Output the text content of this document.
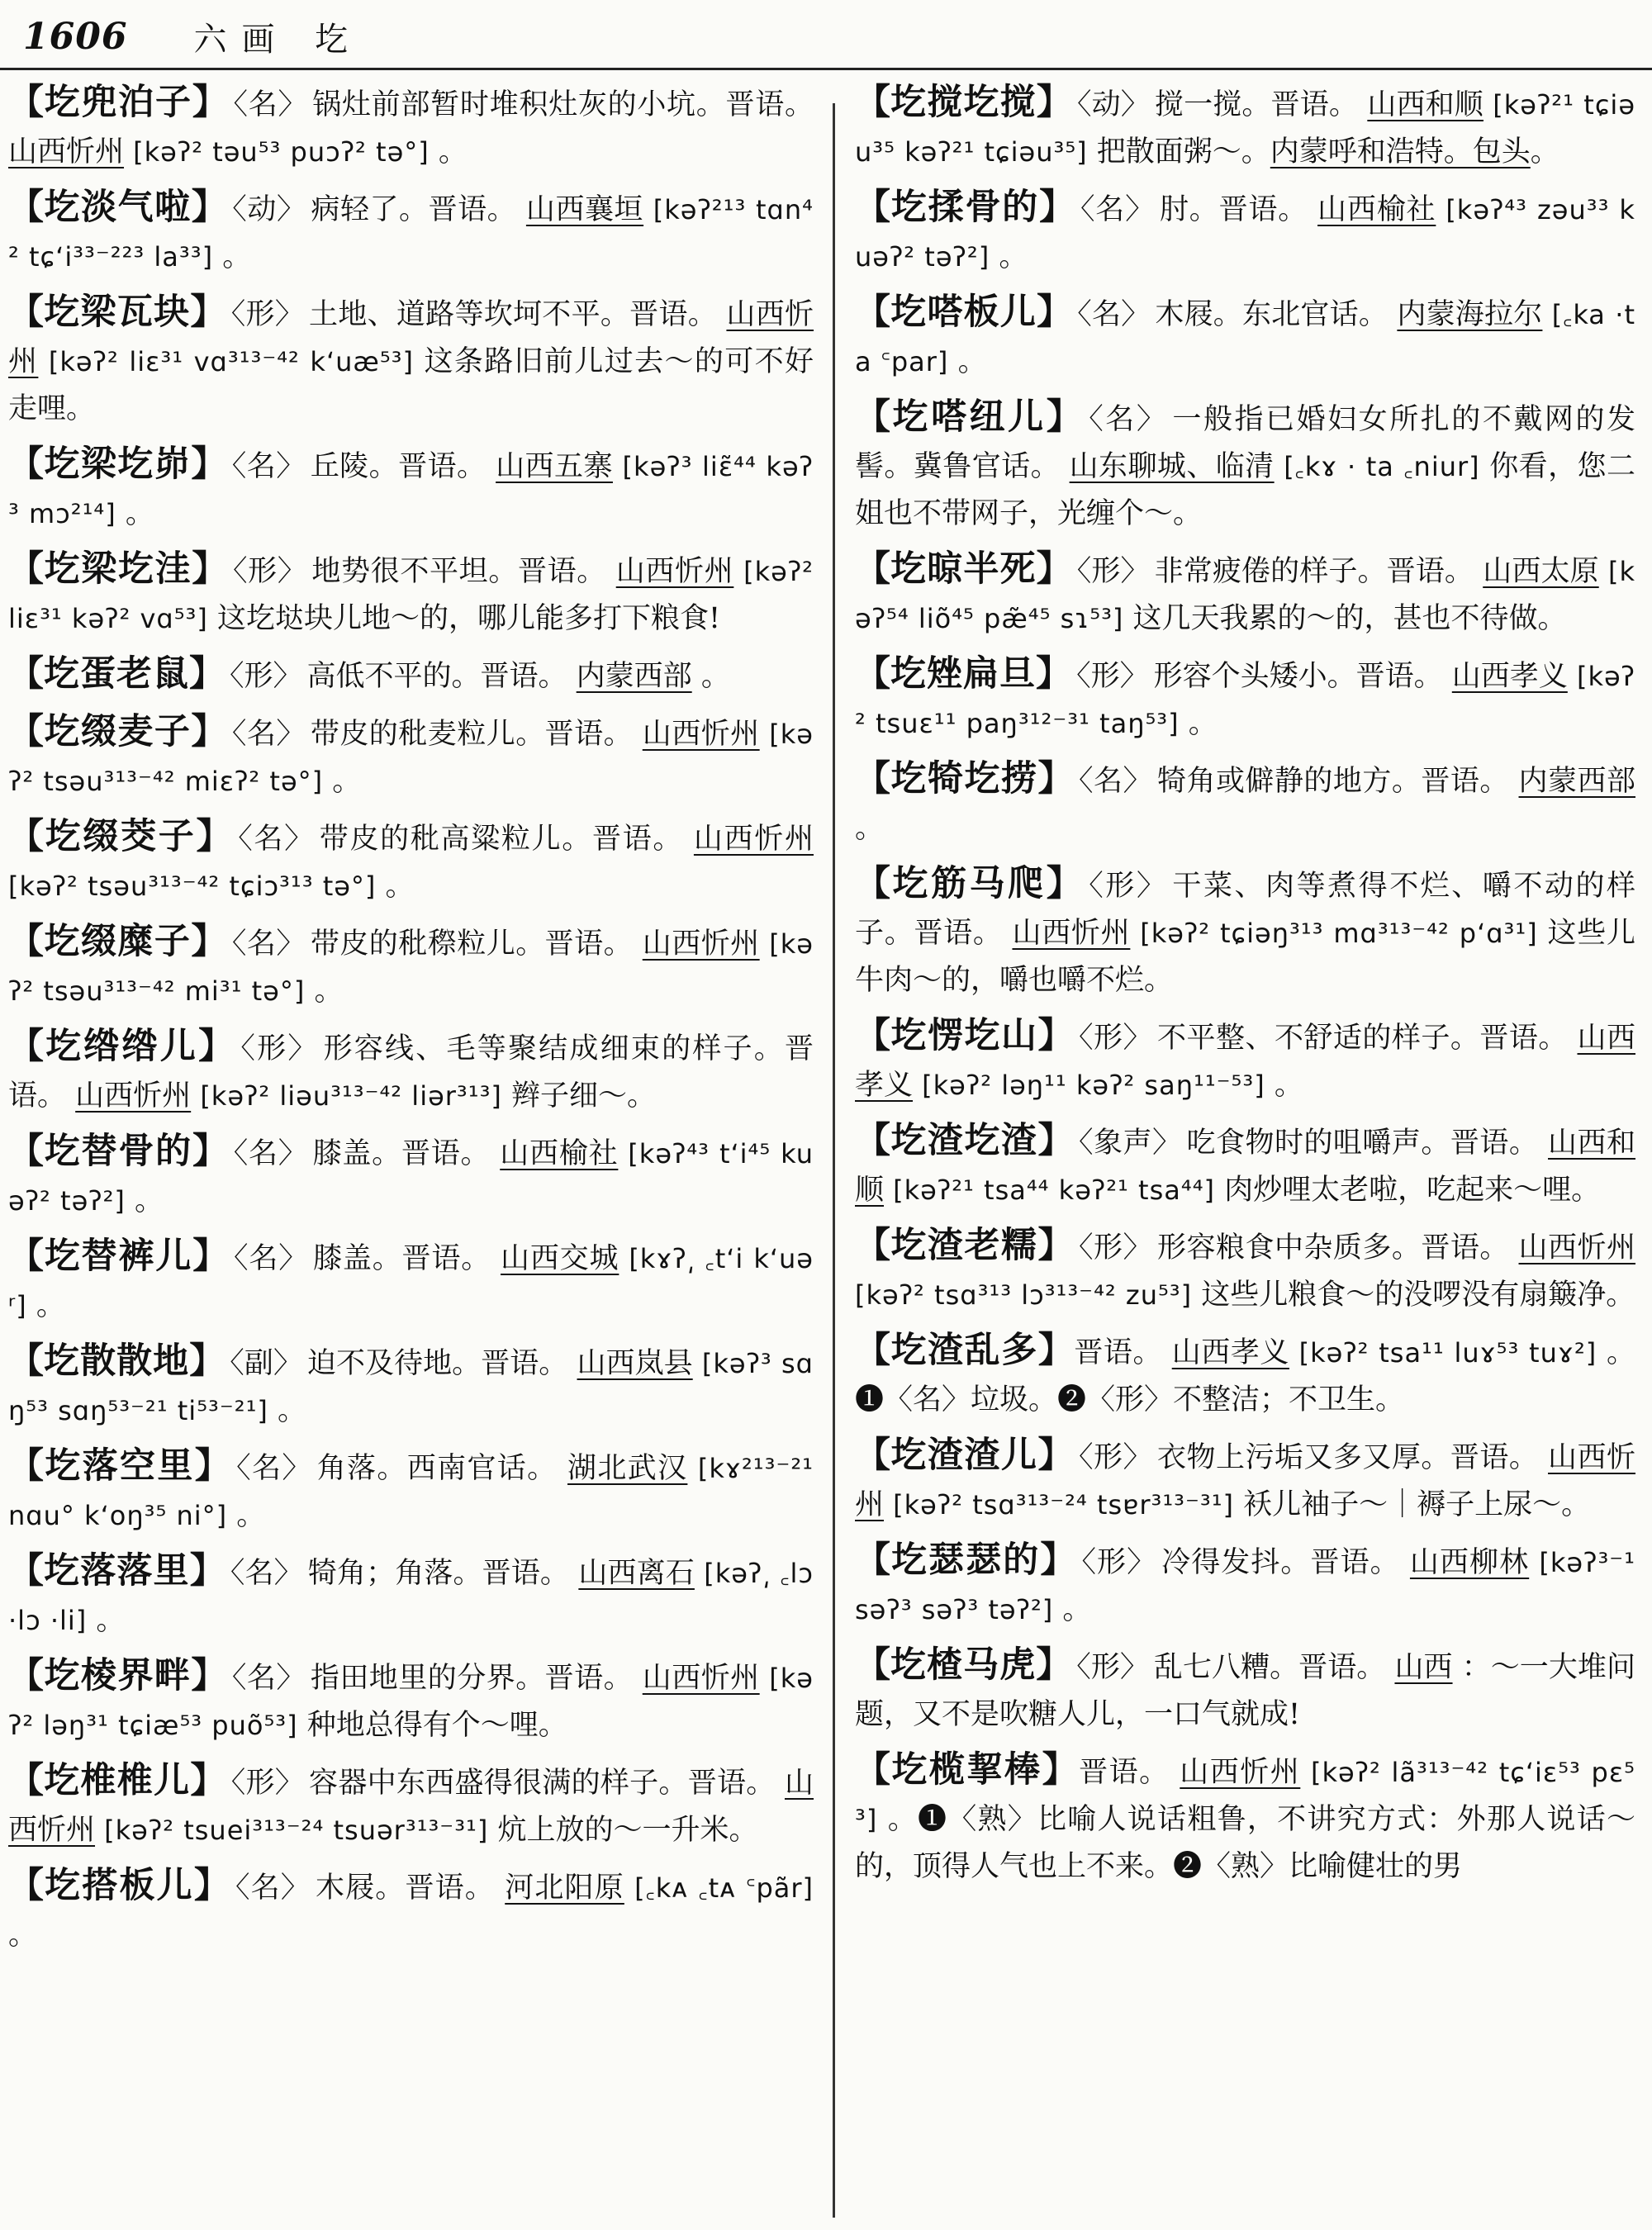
1606 六画 圪

【圪兜泊子】 〈名〉 锅灶前部暂时堆积灶灰的小坑。晋语。 山西忻州 [kəʔ² təu⁵³ puɔʔ² tə°] 。

【圪淡气啦】 〈动〉 病轻了。晋语。 山西襄垣 [kəʔ²¹³ tɑn⁴² tɕʻi³³⁻²²³ la³³] 。

【圪梁瓦块】 〈形〉 土地、道路等坎坷不平。晋语。 山西忻州 [kəʔ² liɛ³¹ vɑ³¹³⁻⁴² kʻuæ⁵³] 这条路旧前儿过去～的可不好走哩。

【圪梁圪峁】 〈名〉 丘陵。晋语。 山西五寨 [kəʔ³ liɛ̃⁴⁴ kəʔ³ mɔ²¹⁴] 。

【圪梁圪洼】 〈形〉 地势很不平坦。晋语。 山西忻州 [kəʔ² liɛ³¹ kəʔ² vɑ⁵³] 这圪垯块儿地～的，哪儿能多打下粮食!

【圪蛋老鼠】 〈形〉 高低不平的。晋语。 内蒙西部 。

【圪缀麦子】 〈名〉 带皮的秕麦粒儿。晋语。 山西忻州 [kəʔ² tsəu³¹³⁻⁴² miɛʔ² tə°] 。

【圪缀茭子】 〈名〉 带皮的秕高粱粒儿。晋语。 山西忻州 [kəʔ² tsəu³¹³⁻⁴² tɕiɔ³¹³ tə°] 。

【圪缀糜子】 〈名〉 带皮的秕穄粒儿。晋语。 山西忻州 [kəʔ² tsəu³¹³⁻⁴² mi³¹ tə°] 。

【圪绺绺儿】 〈形〉 形容线、毛等聚结成细束的样子。晋语。 山西忻州 [kəʔ² liəu³¹³⁻⁴² liər³¹³] 辫子细～。

【圪替骨的】 〈名〉 膝盖。晋语。 山西榆社 [kəʔ⁴³ tʻi⁴⁵ kuəʔ² təʔ²] 。

【圪替裤儿】 〈名〉 膝盖。晋语。 山西交城 [kɤʔ͵ ꜀tʻi kʻuəʳ] 。

【圪散散地】 〈副〉 迫不及待地。晋语。 山西岚县 [kəʔ³ sɑŋ⁵³ sɑŋ⁵³⁻²¹ ti⁵³⁻²¹] 。

【圪落空里】 〈名〉 角落。西南官话。 湖北武汉 [kɤ²¹³⁻²¹ nɑu° kʻoŋ³⁵ ni°] 。

【圪落落里】 〈名〉 犄角；角落。晋语。 山西离石 [kəʔ͵ ꜀lɔ ·lɔ ·li] 。

【圪棱界畔】 〈名〉 指田地里的分界。晋语。 山西忻州 [kəʔ² ləŋ³¹ tɕiæ⁵³ puõ⁵³] 种地总得有个～哩。

【圪椎椎儿】 〈形〉 容器中东西盛得很满的样子。晋语。 山西忻州 [kəʔ² tsuei³¹³⁻²⁴ tsuər³¹³⁻³¹] 炕上放的～一升米。

【圪搭板儿】 〈名〉 木屐。晋语。 河北阳原 [꜀kᴀ ꜀tᴀ ꜂pãr] 。

【圪搅圪搅】 〈动〉 搅一搅。晋语。 山西和顺 [kəʔ²¹ tɕiəu³⁵ kəʔ²¹ tɕiəu³⁵] 把散面粥～。内蒙呼和浩特。包头。

【圪揉骨的】 〈名〉 肘。晋语。 山西榆社 [kəʔ⁴³ zəu³³ kuəʔ² təʔ²] 。

【圪嗒板儿】 〈名〉 木屐。东北官话。 内蒙海拉尔 [꜀ka ·ta ꜂par] 。

【圪嗒纽儿】 〈名〉 一般指已婚妇女所扎的不戴网的发髻。冀鲁官话。 山东聊城、临清 [꜀kɤ · ta ꜀niur] 你看，您二姐也不带网子，光缠个～。

【圪晾半死】 〈形〉 非常疲倦的样子。晋语。 山西太原 [kəʔ⁵⁴ liõ⁴⁵ pæ̃⁴⁵ sɿ⁵³] 这几天我累的～的，甚也不待做。

【圪矬扁旦】 〈形〉 形容个头矮小。晋语。 山西孝义 [kəʔ² tsuɛ¹¹ paŋ³¹²⁻³¹ taŋ⁵³] 。

【圪犄圪捞】 〈名〉 犄角或僻静的地方。晋语。 内蒙西部 。

【圪筋马爬】 〈形〉 干菜、肉等煮得不烂、嚼不动的样子。晋语。 山西忻州 [kəʔ² tɕiəŋ³¹³ mɑ³¹³⁻⁴² pʻɑ³¹] 这些儿牛肉～的，嚼也嚼不烂。

【圪愣圪山】 〈形〉 不平整、不舒适的样子。晋语。 山西孝义 [kəʔ² ləŋ¹¹ kəʔ² saŋ¹¹⁻⁵³] 。

【圪渣圪渣】 〈象声〉 吃食物时的咀嚼声。晋语。 山西和顺 [kəʔ²¹ tsa⁴⁴ kəʔ²¹ tsa⁴⁴] 肉炒哩太老啦，吃起来～哩。

【圪渣老糯】 〈形〉 形容粮食中杂质多。晋语。 山西忻州 [kəʔ² tsɑ³¹³ lɔ³¹³⁻⁴² zu⁵³] 这些儿粮食～的没啰没有扇簸净。

【圪渣乱多】晋语。 山西孝义 [kəʔ² tsa¹¹ luɤ⁵³ tuɤ²] 。❶〈名〉垃圾。❷〈形〉不整洁；不卫生。

【圪渣渣儿】 〈形〉 衣物上污垢又多又厚。晋语。 山西忻州 [kəʔ² tsɑ³¹³⁻²⁴ tsɐr³¹³⁻³¹] 袄儿袖子～｜褥子上尿～。

【圪瑟瑟的】 〈形〉 冷得发抖。晋语。 山西柳林 [kəʔ³⁻¹ səʔ³ səʔ³ təʔ²] 。

【圪楂马虎】 〈形〉 乱七八糟。晋语。 山西 ：～一大堆问题，又不是吹糖人儿，一口气就成!

【圪榄挈棒】晋语。 山西忻州 [kəʔ² lã³¹³⁻⁴² tɕʻiɛ⁵³ pɛ⁵³] 。❶〈熟〉比喻人说话粗鲁，不讲究方式：外那人说话～的，顶得人气也上不来。❷〈熟〉比喻健壮的男
